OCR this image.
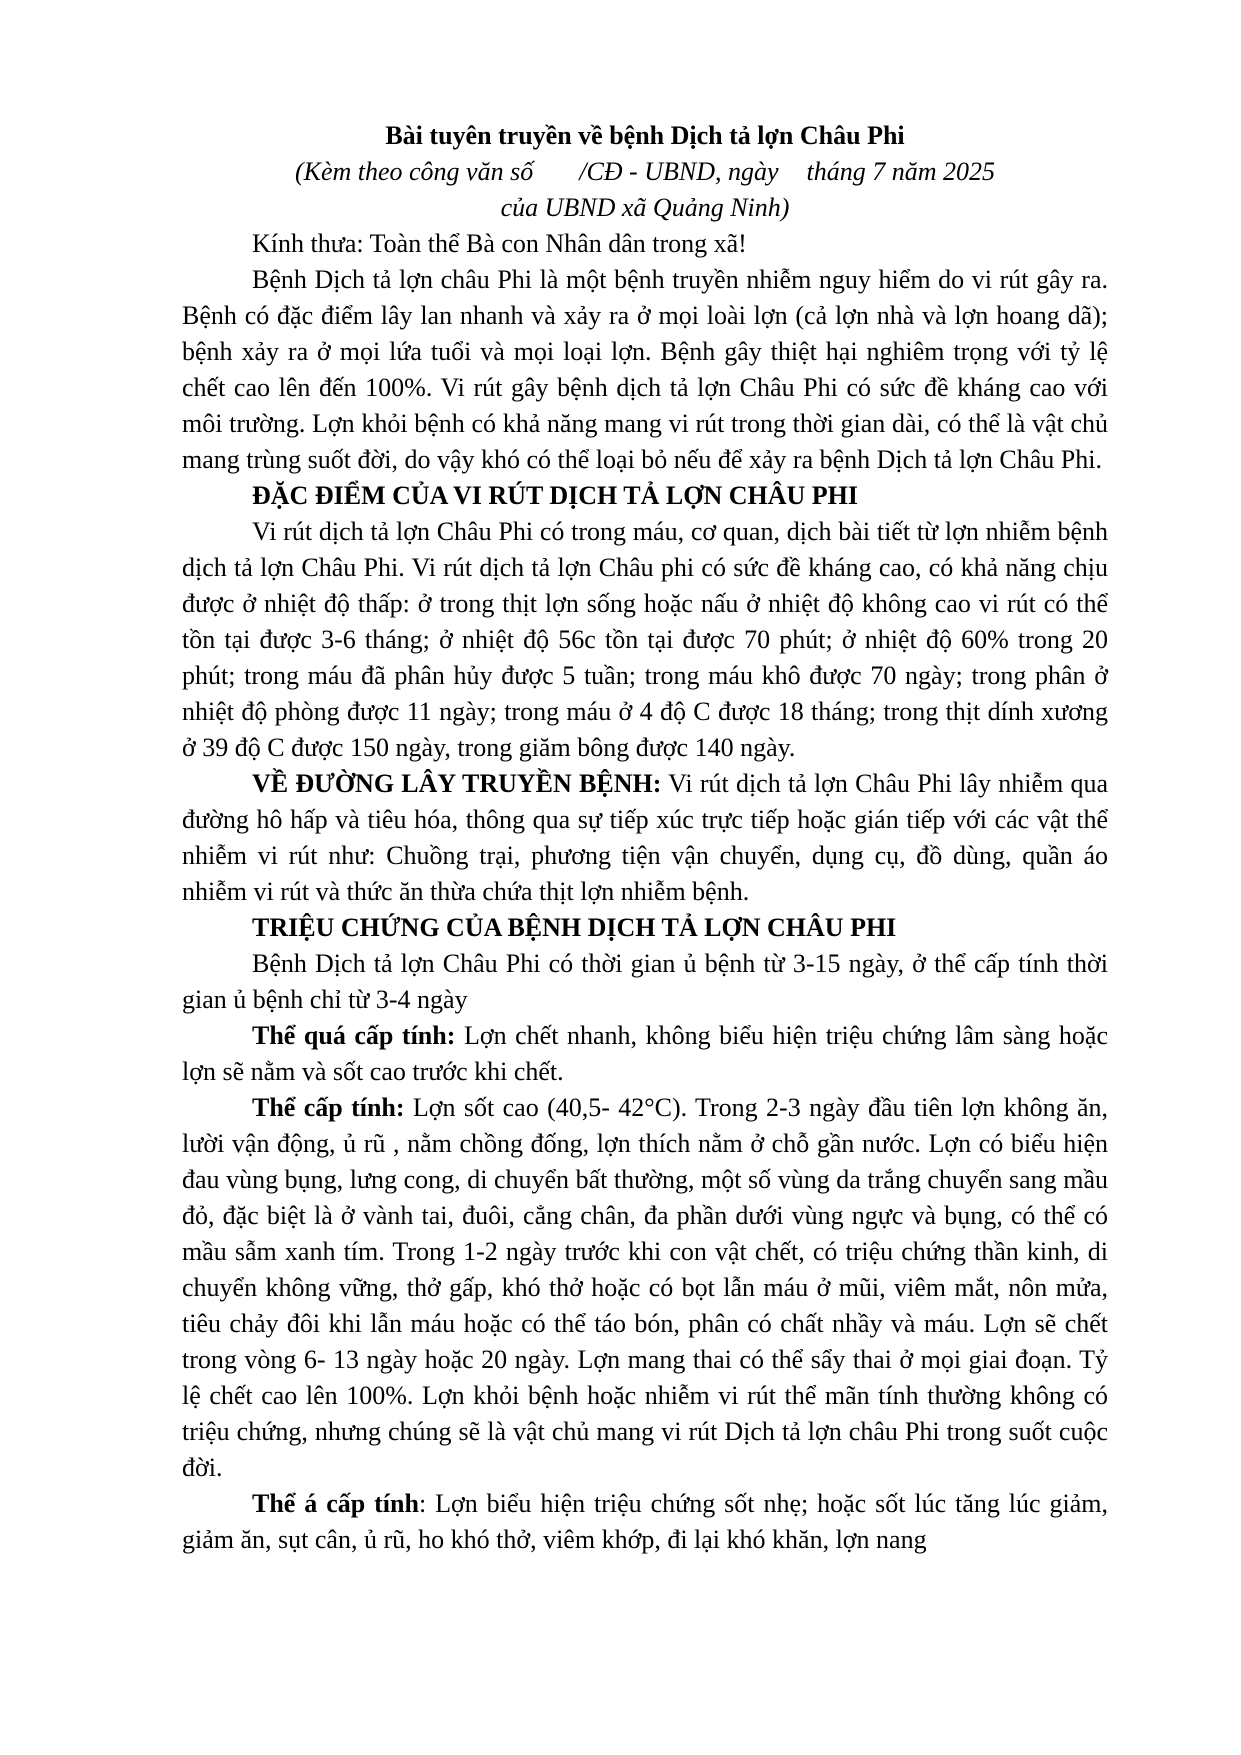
Bài tuyên truyền về bệnh Dịch tả lợn Châu Phi
(Kèm theo công văn số /CĐ - UBND, ngày tháng 7 năm 2025
của UBND xã Quảng Ninh)

Kính thưa: Toàn thể Bà con Nhân dân trong xã!

Bệnh Dịch tả lợn châu Phi là một bệnh truyền nhiễm nguy hiểm do vi rút gây ra. Bệnh có đặc điểm lây lan nhanh và xảy ra ở mọi loài lợn (cả lợn nhà và lợn hoang dã); bệnh xảy ra ở mọi lứa tuổi và mọi loại lợn. Bệnh gây thiệt hại nghiêm trọng với tỷ lệ chết cao lên đến 100%. Vi rút gây bệnh dịch tả lợn Châu Phi có sức đề kháng cao với môi trường. Lợn khỏi bệnh có khả năng mang vi rút trong thời gian dài, có thể là vật chủ mang trùng suốt đời, do vậy khó có thể loại bỏ nếu để xảy ra bệnh Dịch tả lợn Châu Phi.

ĐẶC ĐIỂM CỦA VI RÚT DỊCH TẢ LỢN CHÂU PHI

Vi rút dịch tả lợn Châu Phi có trong máu, cơ quan, dịch bài tiết từ lợn nhiễm bệnh dịch tả lợn Châu Phi. Vi rút dịch tả lợn Châu phi có sức đề kháng cao, có khả năng chịu được ở nhiệt độ thấp: ở trong thịt lợn sống hoặc nấu ở nhiệt độ không cao vi rút có thể tồn tại được 3-6 tháng; ở nhiệt độ 56c tồn tại được 70 phút; ở nhiệt độ 60% trong 20 phút; trong máu đã phân hủy được 5 tuần; trong máu khô được 70 ngày; trong phân ở nhiệt độ phòng được 11 ngày; trong máu ở 4 độ C được 18 tháng; trong thịt dính xương ở 39 độ C được 150 ngày, trong giăm bông được 140 ngày.

VỀ ĐƯỜNG LÂY TRUYỀN BỆNH: Vi rút dịch tả lợn Châu Phi lây nhiễm qua đường hô hấp và tiêu hóa, thông qua sự tiếp xúc trực tiếp hoặc gián tiếp với các vật thể nhiễm vi rút như: Chuồng trại, phương tiện vận chuyển, dụng cụ, đồ dùng, quần áo nhiễm vi rút và thức ăn thừa chứa thịt lợn nhiễm bệnh.

TRIỆU CHỨNG CỦA BỆNH DỊCH TẢ LỢN CHÂU PHI

Bệnh Dịch tả lợn Châu Phi có thời gian ủ bệnh từ 3-15 ngày, ở thể cấp tính thời gian ủ bệnh chỉ từ 3-4 ngày

Thể quá cấp tính: Lợn chết nhanh, không biểu hiện triệu chứng lâm sàng hoặc lợn sẽ nằm và sốt cao trước khi chết.

Thể cấp tính: Lợn sốt cao (40,5- 42°C). Trong 2-3 ngày đầu tiên lợn không ăn, lười vận động, ủ rũ , nằm chồng đống, lợn thích nằm ở chỗ gần nước. Lợn có biểu hiện đau vùng bụng, lưng cong, di chuyển bất thường, một số vùng da trắng chuyển sang mầu đỏ, đặc biệt là ở vành tai, đuôi, cẳng chân, đa phần dưới vùng ngực và bụng, có thể có mầu sẫm xanh tím. Trong 1-2 ngày trước khi con vật chết, có triệu chứng thần kinh, di chuyển không vững, thở gấp, khó thở hoặc có bọt lẫn máu ở mũi, viêm mắt, nôn mửa, tiêu chảy đôi khi lẫn máu hoặc có thể táo bón, phân có chất nhầy và máu. Lợn sẽ chết trong vòng 6- 13 ngày hoặc 20 ngày. Lợn mang thai có thể sẩy thai ở mọi giai đoạn. Tỷ lệ chết cao lên 100%. Lợn khỏi bệnh hoặc nhiễm vi rút thể mãn tính thường không có triệu chứng, nhưng chúng sẽ là vật chủ mang vi rút Dịch tả lợn châu Phi trong suốt cuộc đời.

Thể á cấp tính: Lợn biểu hiện triệu chứng sốt nhẹ; hoặc sốt lúc tăng lúc giảm, giảm ăn, sụt cân, ủ rũ, ho khó thở, viêm khớp, đi lại khó khăn, lợn nang
